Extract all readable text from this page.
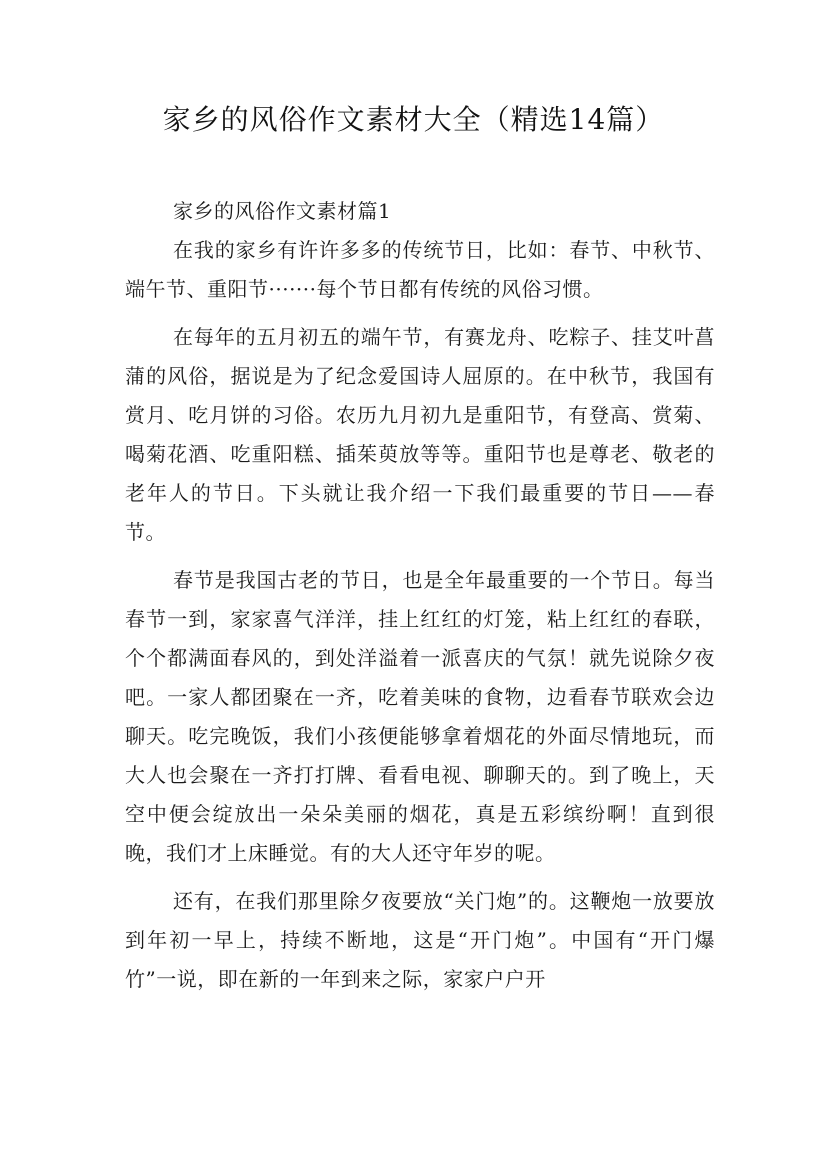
家乡的风俗作文素材大全（精选14篇）

家乡的风俗作文素材篇1

在我的家乡有许许多多的传统节日，比如：春节、中秋节、端午节、重阳节·······每个节日都有传统的风俗习惯。

在每年的五月初五的端午节，有赛龙舟、吃粽子、挂艾叶菖蒲的风俗，据说是为了纪念爱国诗人屈原的。在中秋节，我国有赏月、吃月饼的习俗。农历九月初九是重阳节，有登高、赏菊、喝菊花酒、吃重阳糕、插茱萸放等等。重阳节也是尊老、敬老的老年人的节日。下头就让我介绍一下我们最重要的节日——春节。

春节是我国古老的节日，也是全年最重要的一个节日。每当春节一到，家家喜气洋洋，挂上红红的灯笼，粘上红红的春联，个个都满面春风的，到处洋溢着一派喜庆的气氛！就先说除夕夜吧。一家人都团聚在一齐，吃着美味的食物，边看春节联欢会边聊天。吃完晚饭，我们小孩便能够拿着烟花的外面尽情地玩，而大人也会聚在一齐打打牌、看看电视、聊聊天的。到了晚上，天空中便会绽放出一朵朵美丽的烟花，真是五彩缤纷啊！直到很晚，我们才上床睡觉。有的大人还守年岁的呢。

还有，在我们那里除夕夜要放“关门炮”的。这鞭炮一放要放到年初一早上，持续不断地，这是“开门炮”。中国有“开门爆竹”一说，即在新的一年到来之际，家家户户开
